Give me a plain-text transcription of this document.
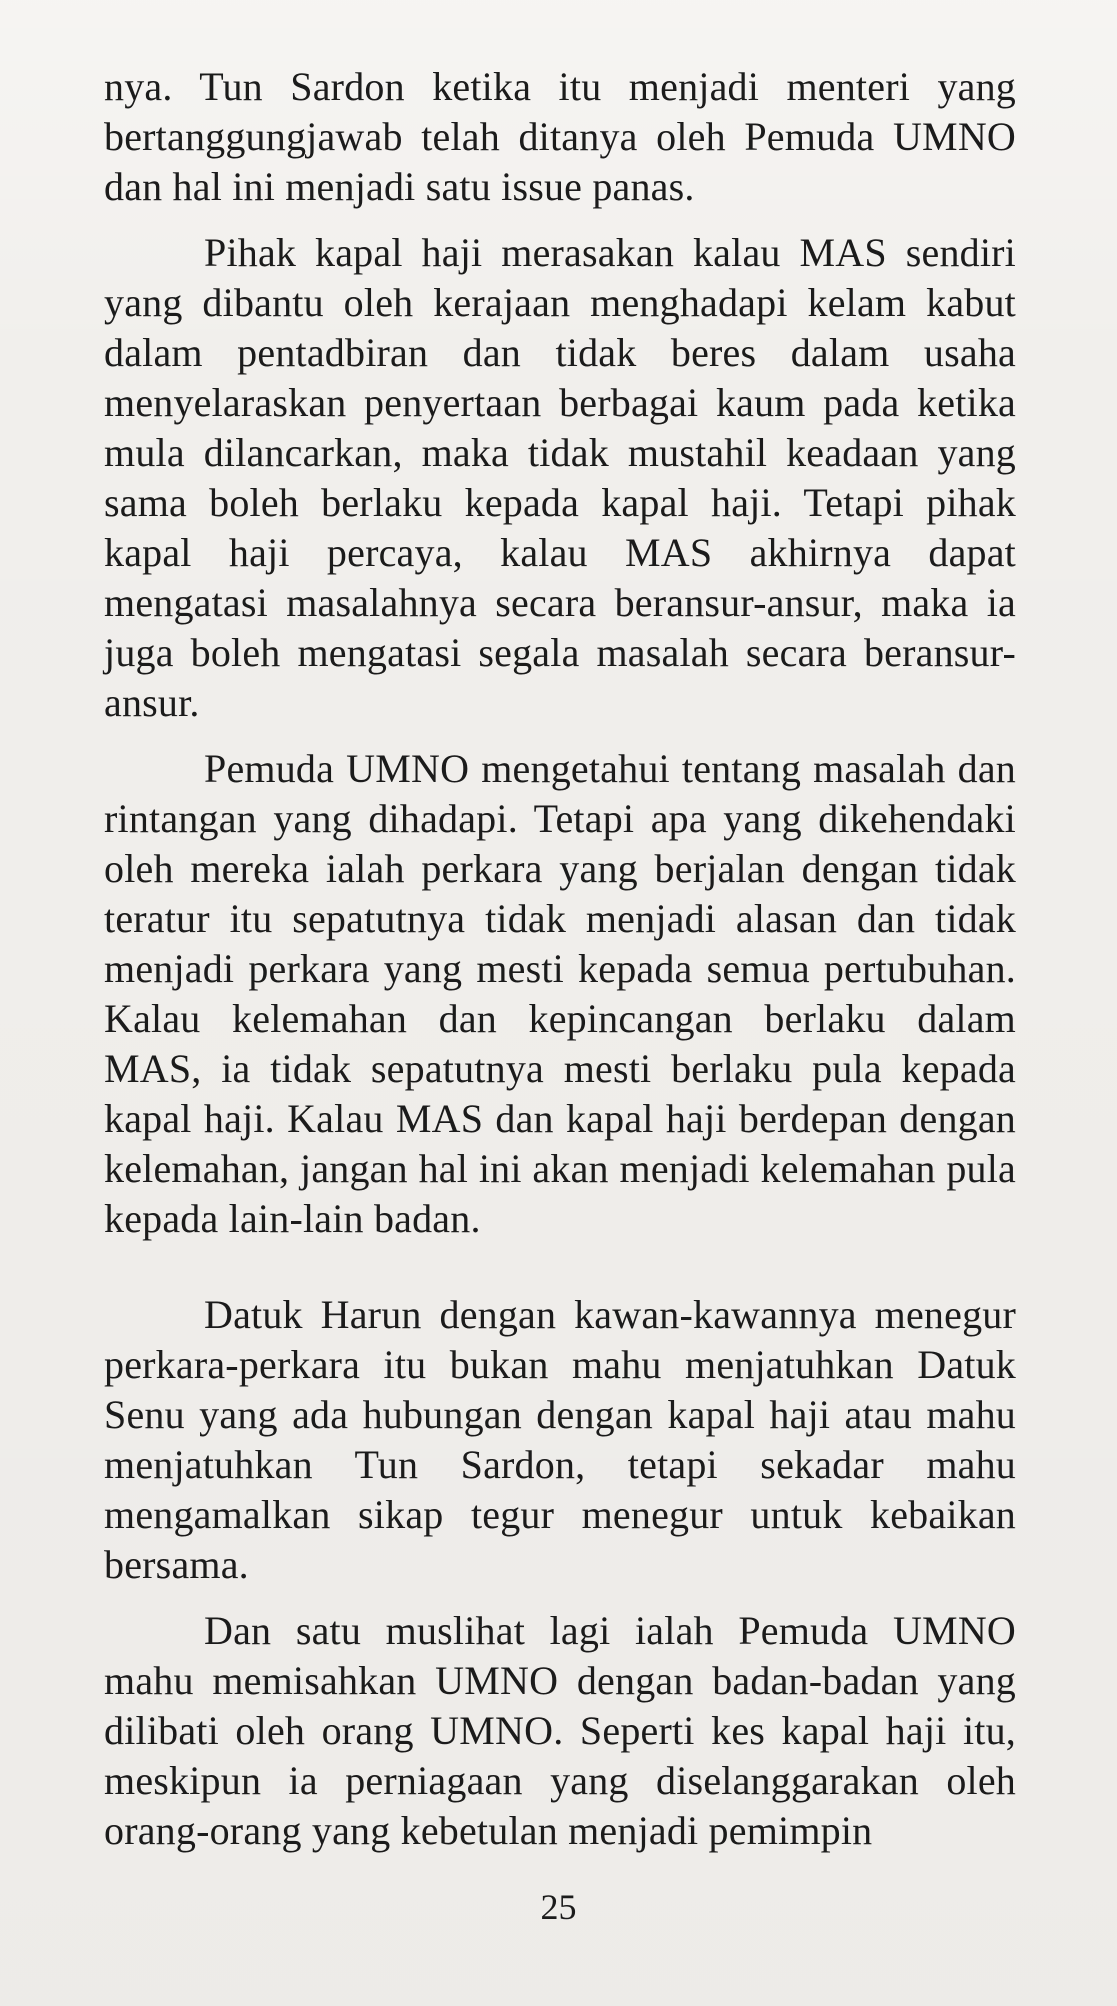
nya. Tun Sardon ketika itu menjadi menteri yang bertanggungjawab telah ditanya oleh Pemuda UMNO dan hal ini menjadi satu issue panas.

Pihak kapal haji merasakan kalau MAS sendiri yang dibantu oleh kerajaan menghadapi kelam kabut dalam pentadbiran dan tidak beres dalam usaha menyelaraskan penyertaan berbagai kaum pada ketika mula dilancarkan, maka tidak mustahil keadaan yang sama boleh berlaku kepada kapal haji. Tetapi pihak kapal haji percaya, kalau MAS akhirnya dapat mengatasi masalahnya secara beransur-ansur, maka ia juga boleh mengatasi segala masalah secara beransur-ansur.

Pemuda UMNO mengetahui tentang masalah dan rintangan yang dihadapi. Tetapi apa yang dikehendaki oleh mereka ialah perkara yang berjalan dengan tidak teratur itu sepatutnya tidak menjadi alasan dan tidak menjadi perkara yang mesti kepada semua pertubuhan. Kalau kelemahan dan kepincangan berlaku dalam MAS, ia tidak sepatutnya mesti berlaku pula kepada kapal haji. Kalau MAS dan kapal haji berdepan dengan kelemahan, jangan hal ini akan menjadi kelemahan pula kepada lain-lain badan.

Datuk Harun dengan kawan-kawannya menegur perkara-perkara itu bukan mahu menjatuhkan Datuk Senu yang ada hubungan dengan kapal haji atau mahu menjatuhkan Tun Sardon, tetapi sekadar mahu mengamalkan sikap tegur menegur untuk kebaikan bersama.

Dan satu muslihat lagi ialah Pemuda UMNO mahu memisahkan UMNO dengan badan-badan yang dilibati oleh orang UMNO. Seperti kes kapal haji itu, meskipun ia perniagaan yang diselanggarakan oleh orang-orang yang kebetulan menjadi pemimpin

25
